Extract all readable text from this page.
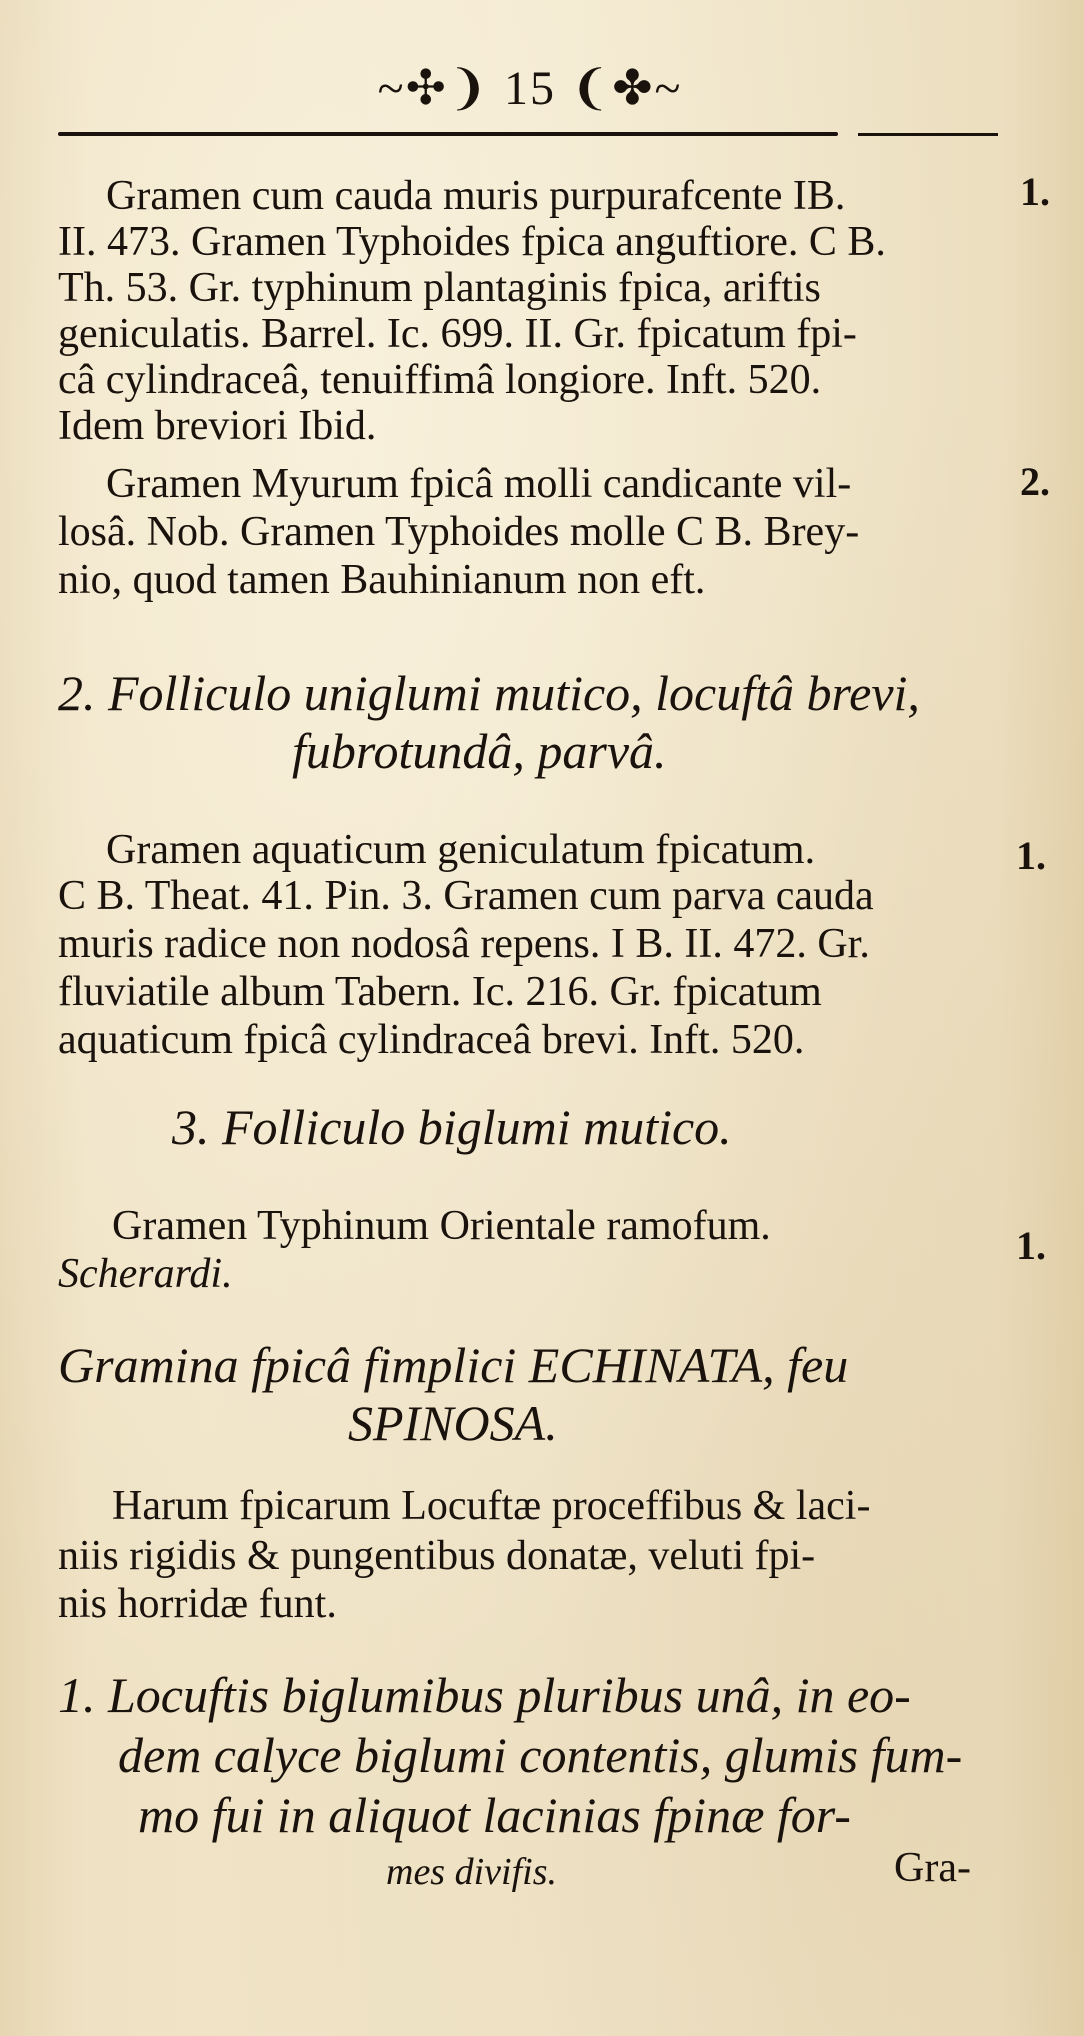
~✣❩ 15 ❨✤~
Gramen cum cauda muris purpurafcente IB.
II. 473. Gramen Typhoides fpica anguftiore. C B.
Th. 53. Gr. typhinum plantaginis fpica, ariftis
geniculatis. Barrel. Ic. 699. II. Gr. fpicatum fpi-
câ cylindraceâ, tenuiffimâ longiore. Inft. 520.
Idem breviori Ibid.
Gramen Myurum fpicâ molli candicante vil-
losâ. Nob. Gramen Typhoides molle C B. Brey-
nio, quod tamen Bauhinianum non eft.
2. Folliculo uniglumi mutico, locuftâ brevi,
fubrotundâ, parvâ.
Gramen aquaticum geniculatum fpicatum.
C B. Theat. 41. Pin. 3. Gramen cum parva cauda
muris radice non nodosâ repens. I B. II. 472. Gr.
fluviatile album Tabern. Ic. 216. Gr. fpicatum
aquaticum fpicâ cylindraceâ brevi. Inft. 520.
3. Folliculo biglumi mutico.
Gramen Typhinum Orientale ramofum.
Scherardi.
Gramina fpicâ fimplici ECHINATA, feu
SPINOSA.
Harum fpicarum Locuftæ proceffibus & laci-
niis rigidis & pungentibus donatæ, veluti fpi-
nis horridæ funt.
1. Locuftis biglumibus pluribus unâ, in eo-
dem calyce biglumi contentis, glumis fum-
mo fui in aliquot lacinias fpinæ for-
mes divifis.	Gra-
1.
2.
1.
1.
